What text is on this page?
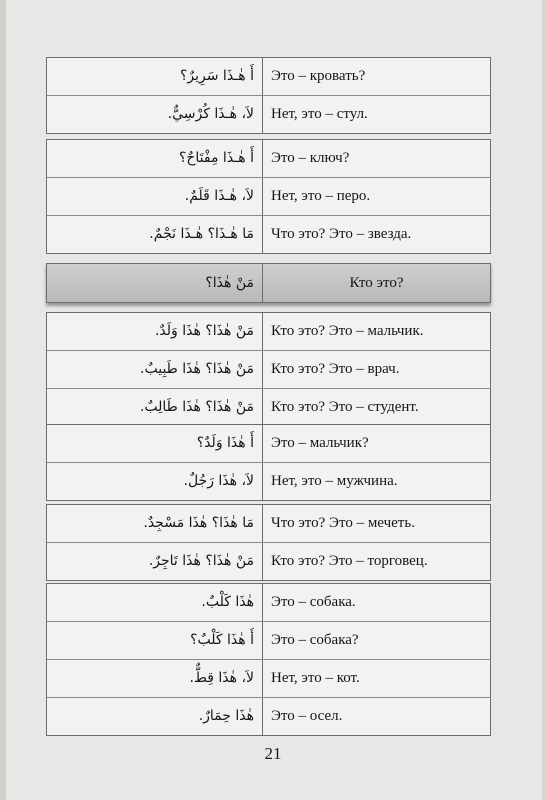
أَ هٰـذَا سَرِيرٌ؟	Это – кровать?
لاَ، هٰـذَا كُرْسِيٌّ.	Нет, это – стул.
أَ هٰـذَا مِفْتَاحٌ؟	Это – ключ?
لاَ، هٰـذَا قَلَمٌ.	Нет, это – перо.
مَا هٰـذَا؟ هٰـذَا نَجْمٌ.	Что это? Это – звезда.
مَنْ هٰذَا؟	Кто это?
مَنْ هٰذَا؟ هٰذَا وَلَدٌ.	Кто это? Это – мальчик.
مَنْ هٰذَا؟ هٰذَا طَبِيبٌ.	Кто это? Это – врач.
مَنْ هٰذَا؟ هٰذَا طَالِبٌ.	Кто это? Это – студент.
أَ هٰذَا وَلَدٌ؟	Это – мальчик?
لاَ، هٰذَا رَجُلٌ.	Нет, это – мужчина.
مَا هٰذَا؟ هٰذَا مَسْجِدٌ.	Что это? Это – мечеть.
مَنْ هٰذَا؟ هٰذَا تَاجِرٌ.	Кто это? Это – торговец.
هٰذَا كَلْبٌ.	Это – собака.
أَ هٰذَا كَلْبٌ؟	Это – собака?
لاَ، هٰذَا قِطٌّ.	Нет, это – кот.
هٰذَا حِمَارٌ.	Это – осел.
21
